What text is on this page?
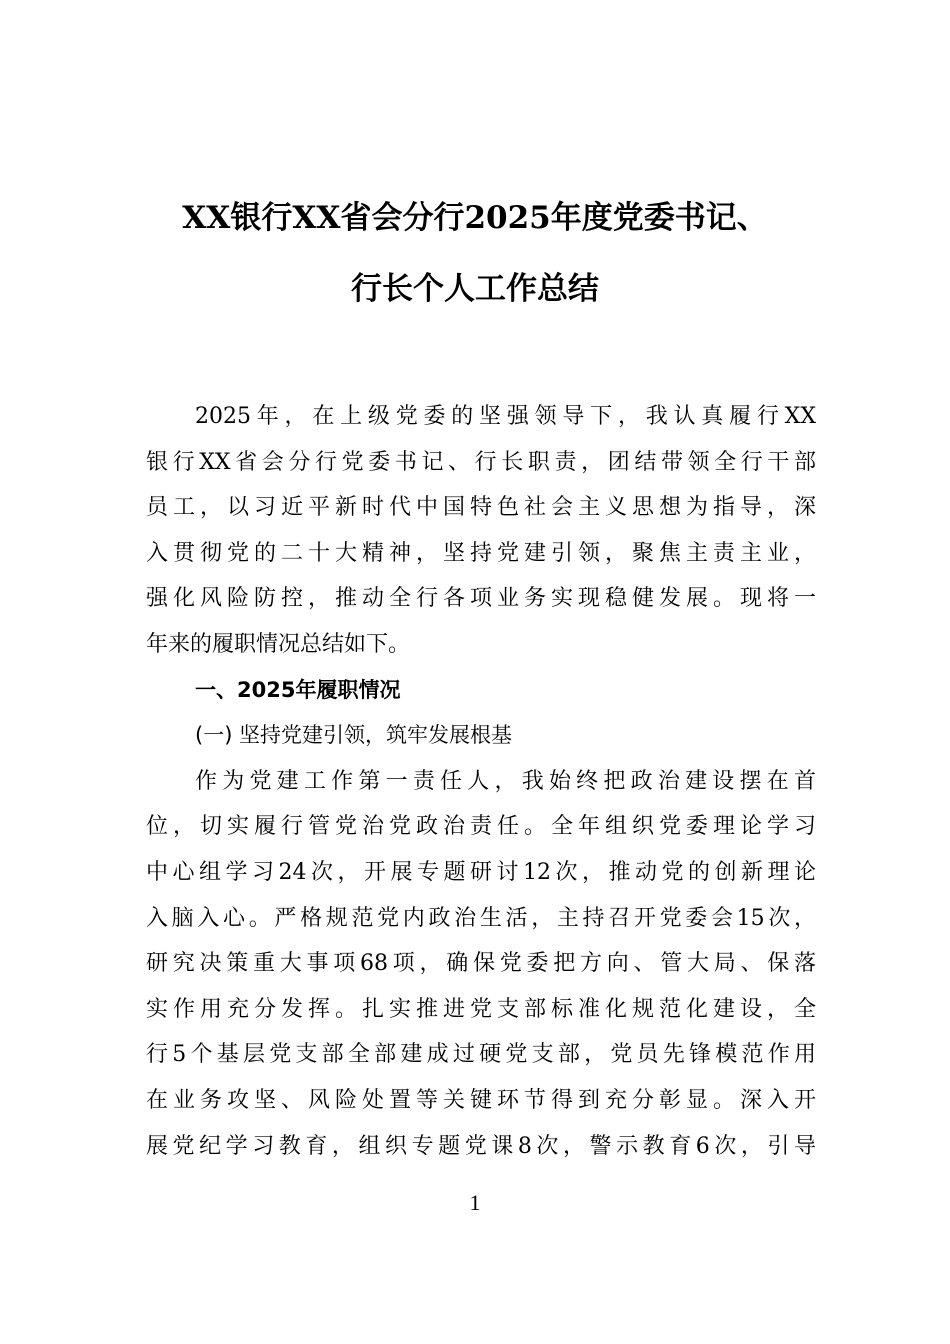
XX银行XX省会分行2025年度党委书记、
行长个人工作总结
2025年，在上级党委的坚强领导下，我认真履行XX
银行XX省会分行党委书记、行长职责，团结带领全行干部
员工，以习近平新时代中国特色社会主义思想为指导，深
入贯彻党的二十大精神，坚持党建引领，聚焦主责主业，
强化风险防控，推动全行各项业务实现稳健发展。现将一
年来的履职情况总结如下。
一、2025年履职情况
(一) 坚持党建引领，筑牢发展根基
作为党建工作第一责任人，我始终把政治建设摆在首
位，切实履行管党治党政治责任。全年组织党委理论学习
中心组学习24次，开展专题研讨12次，推动党的创新理论
入脑入心。严格规范党内政治生活，主持召开党委会15次，
研究决策重大事项68项，确保党委把方向、管大局、保落
实作用充分发挥。扎实推进党支部标准化规范化建设，全
行5个基层党支部全部建成过硬党支部，党员先锋模范作用
在业务攻坚、风险处置等关键环节得到充分彰显。深入开
展党纪学习教育，组织专题党课8次，警示教育6次，引导
1
